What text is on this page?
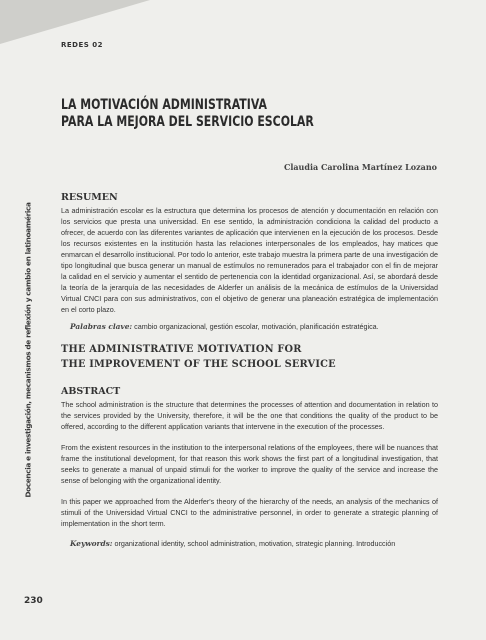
REDES 02
LA MOTIVACIÓN ADMINISTRATIVA
PARA LA MEJORA DEL SERVICIO ESCOLAR
Claudia Carolina Martínez Lozano
Docencia e investigación, mecanismos de reflexión y cambio en latinoamérica
RESUMEN

La administración escolar es la estructura que determina los procesos de atención y documentación en relación con los servicios que presta una universidad. En ese sentido, la administración condiciona la calidad del producto a ofrecer, de acuerdo con las diferentes variantes de aplicación que intervienen en la ejecución de los procesos. Desde los recursos existentes en la institución hasta las relaciones interpersonales de los empleados, hay matices que enmarcan el desarrollo institucional. Por todo lo anterior, este trabajo muestra la primera parte de una investigación de tipo longitudinal que busca generar un manual de estímulos no remunerados para el trabajador con el fin de mejorar la calidad en el servicio y aumentar el sentido de pertenencia con la identidad organizacional. Así, se abordará desde la teoría de la jerarquía de las necesidades de Alderfer un análisis de la mecánica de estímulos de la Universidad Virtual CNCI para con sus administrativos, con el objetivo de generar una planeación estratégica de implementación en el corto plazo.

Palabras clave: cambio organizacional, gestión escolar, motivación, planificación estratégica.

THE ADMINISTRATIVE MOTIVATION FOR
THE IMPROVEMENT OF THE SCHOOL SERVICE
ABSTRACT

The school administration is the structure that determines the processes of attention and documentation in relation to the services provided by the University, therefore, it will be the one that conditions the quality of the product to be offered, according to the different application variants that intervene in the execution of the processes.

From the existent resources in the institution to the interpersonal relations of the employees, there will be nuances that frame the institutional development, for that reason this work shows the first part of a longitudinal investigation, that seeks to generate a manual of unpaid stimuli for the worker to improve the quality of the service and increase the sense of belonging with the organizational identity.

In this paper we approached from the Alderfer's theory of the hierarchy of the needs, an analysis of the mechanics of stimuli of the Universidad Virtual CNCI to the administrative personnel, in order to generate a strategic planning of implementation in the short term.

Keywords: organizational identity, school administration, motivation, strategic planning. Introducción

230
